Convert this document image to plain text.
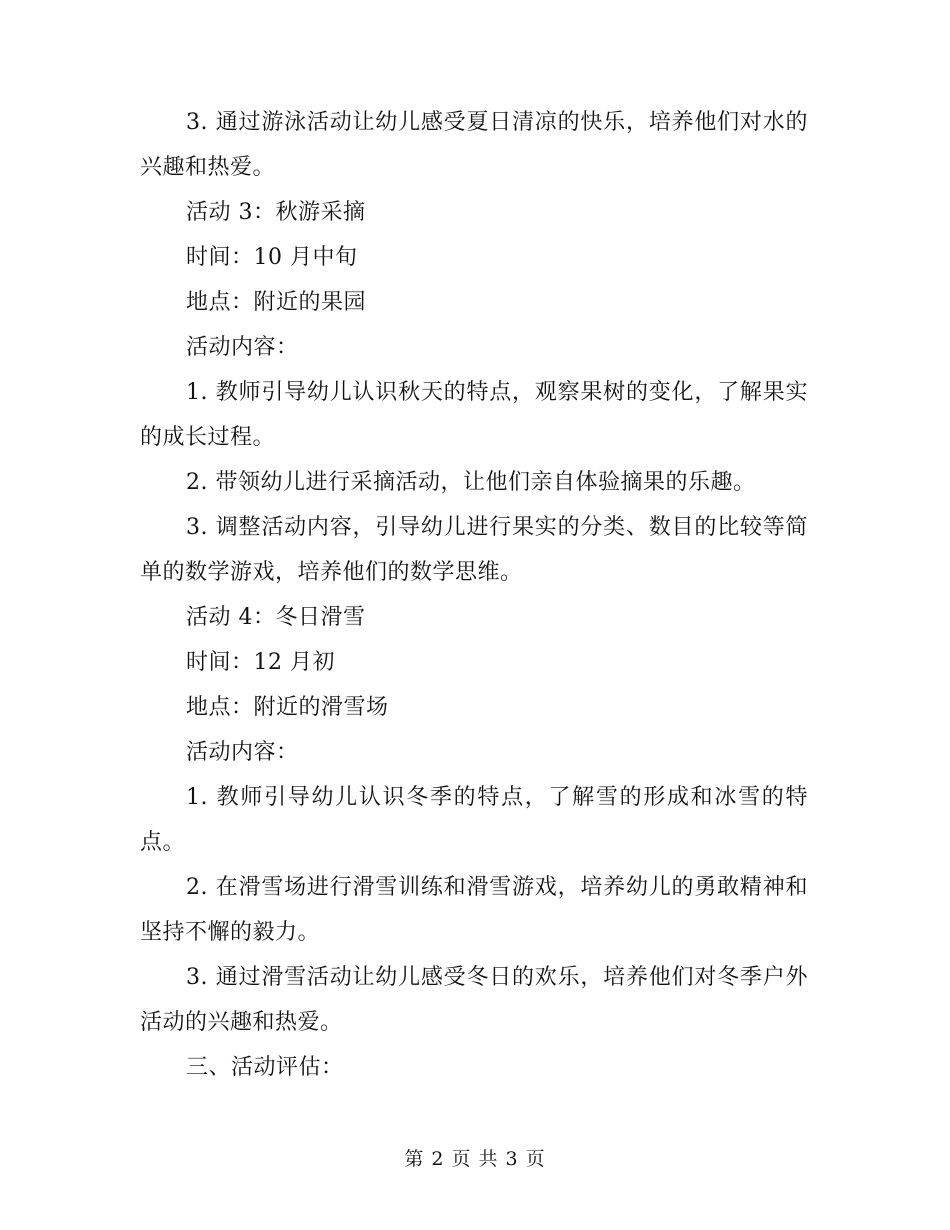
3. 通过游泳活动让幼儿感受夏日清凉的快乐，培养他们对水的兴趣和热爱。

活动 3：秋游采摘

时间：10 月中旬

地点：附近的果园

活动内容：

1. 教师引导幼儿认识秋天的特点，观察果树的变化，了解果实的成长过程。

2. 带领幼儿进行采摘活动，让他们亲自体验摘果的乐趣。

3. 调整活动内容，引导幼儿进行果实的分类、数目的比较等简单的数学游戏，培养他们的数学思维。

活动 4：冬日滑雪

时间：12 月初

地点：附近的滑雪场

活动内容：

1. 教师引导幼儿认识冬季的特点，了解雪的形成和冰雪的特点。

2. 在滑雪场进行滑雪训练和滑雪游戏，培养幼儿的勇敢精神和坚持不懈的毅力。

3. 通过滑雪活动让幼儿感受冬日的欢乐，培养他们对冬季户外活动的兴趣和热爱。

三、活动评估：

第 2 页 共 3 页
